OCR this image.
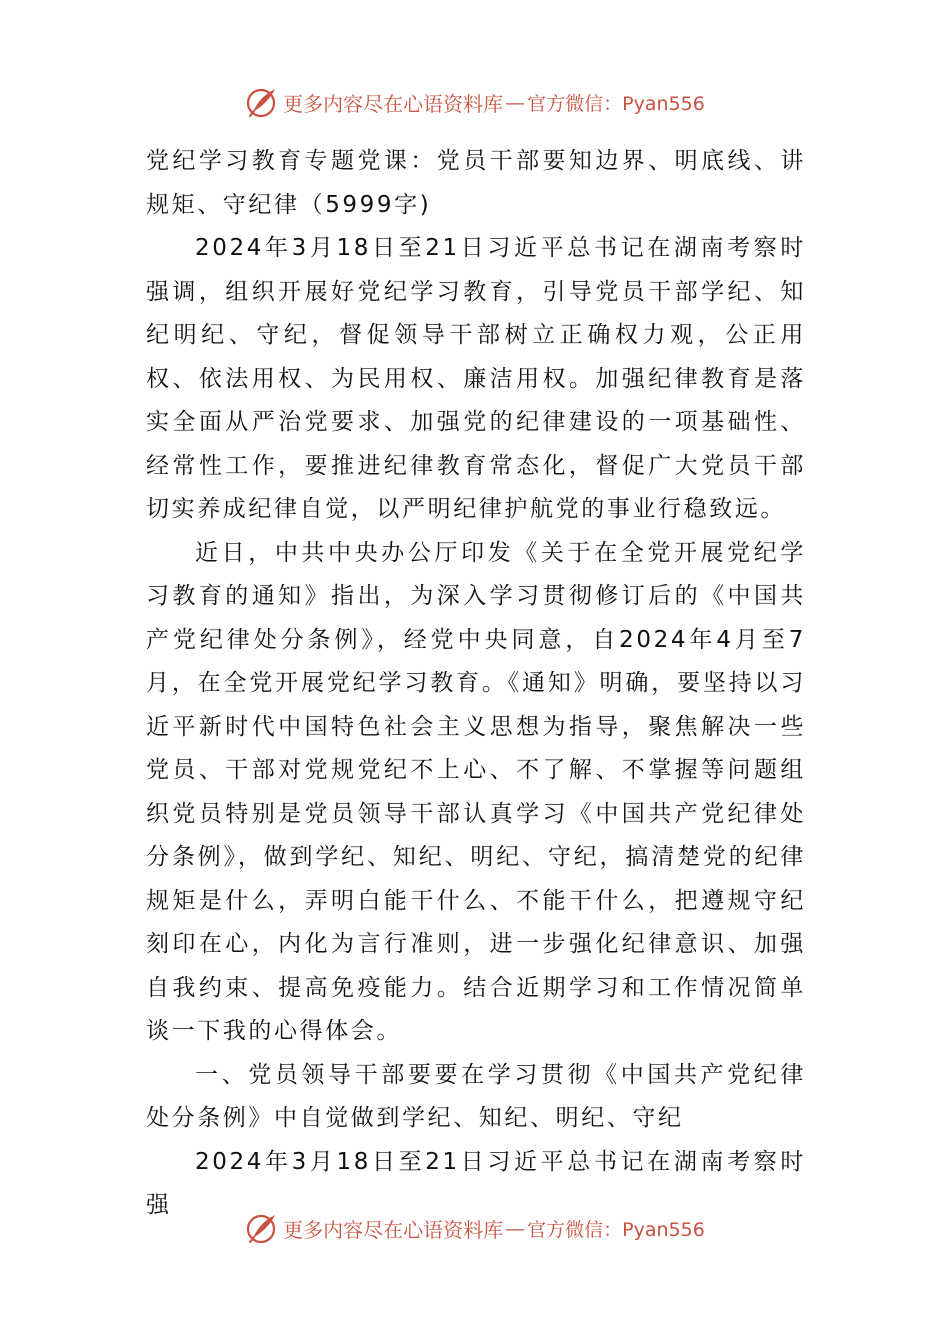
更多内容尽在心语资料库 — 官方微信：Pyan556

党纪学习教育专题党课：党员干部要知边界、明底线、讲规矩、守纪律（5999字)

2024年3月18日至21日习近平总书记在湖南考察时强调，组织开展好党纪学习教育，引导党员干部学纪、知纪明纪、守纪，督促领导干部树立正确权力观，公正用权、依法用权、为民用权、廉洁用权。加强纪律教育是落实全面从严治党要求、加强党的纪律建设的一项基础性、经常性工作，要推进纪律教育常态化，督促广大党员干部切实养成纪律自觉，以严明纪律护航党的事业行稳致远。

近日，中共中央办公厅印发《关于在全党开展党纪学习教育的通知》指出，为深入学习贯彻修订后的《中国共产党纪律处分条例》，经党中央同意，自2024年4月至7月，在全党开展党纪学习教育。《通知》明确，要坚持以习近平新时代中国特色社会主义思想为指导，聚焦解决一些党员、干部对党规党纪不上心、不了解、不掌握等问题组织党员特别是党员领导干部认真学习《中国共产党纪律处分条例》，做到学纪、知纪、明纪、守纪，搞清楚党的纪律规矩是什么，弄明白能干什么、不能干什么，把遵规守纪刻印在心，内化为言行准则，进一步强化纪律意识、加强自我约束、提高免疫能力。结合近期学习和工作情况简单谈一下我的心得体会。

一、党员领导干部要要在学习贯彻《中国共产党纪律处分条例》中自觉做到学纪、知纪、明纪、守纪

2024年3月18日至21日习近平总书记在湖南考察时强

更多内容尽在心语资料库 — 官方微信：Pyan556
